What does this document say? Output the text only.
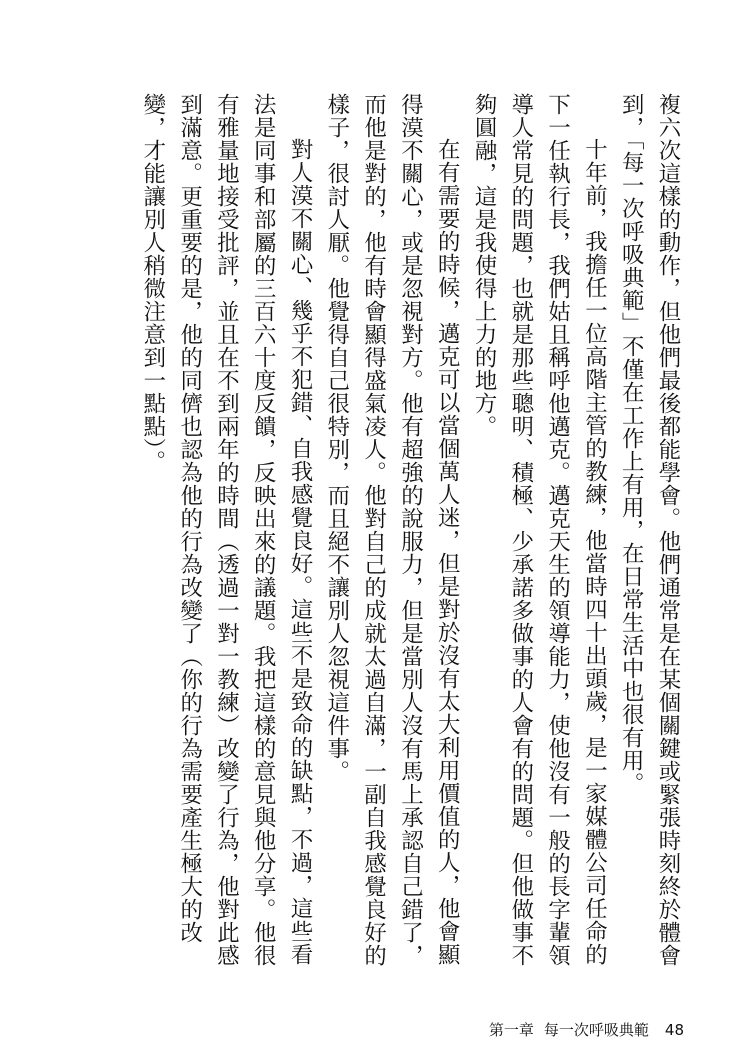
複六次這樣的動作，但他們最後都能學會。他們通常是在某個關鍵或緊張時刻終於體會到，「每一次呼吸典範」不僅在工作上有用，在日常生活中也很有用。

十年前，我擔任一位高階主管的教練，他當時四十出頭歲，是一家媒體公司任命的下一任執行長，我們姑且稱呼他邁克。邁克天生的領導能力，使他沒有一般的長字輩領導人常見的問題，也就是那些聰明、積極、少承諾多做事的人會有的問題。但他做事不夠圓融，這是我使得上力的地方。

在有需要的時候，邁克可以當個萬人迷，但是對於沒有太大利用價值的人，他會顯得漠不關心，或是忽視對方。他有超強的說服力，但是當別人沒有馬上承認自己錯了，而他是對的，他有時會顯得盛氣凌人。他對自己的成就太過自滿，一副自我感覺良好的樣子，很討人厭。他覺得自己很特別，而且絕不讓別人忽視這件事。

對人漠不關心、幾乎不犯錯、自我感覺良好。這些不是致命的缺點，不過，這些看法是同事和部屬的三百六十度反饋，反映出來的議題。我把這樣的意見與他分享。他很有雅量地接受批評，並且在不到兩年的時間（透過一對一教練）改變了行為，他對此感到滿意。更重要的是，他的同儕也認為他的行為改變了（你的行為需要產生極大的改變，才能讓別人稍微注意到一點點）。

第一章 每一次呼吸典範 48
